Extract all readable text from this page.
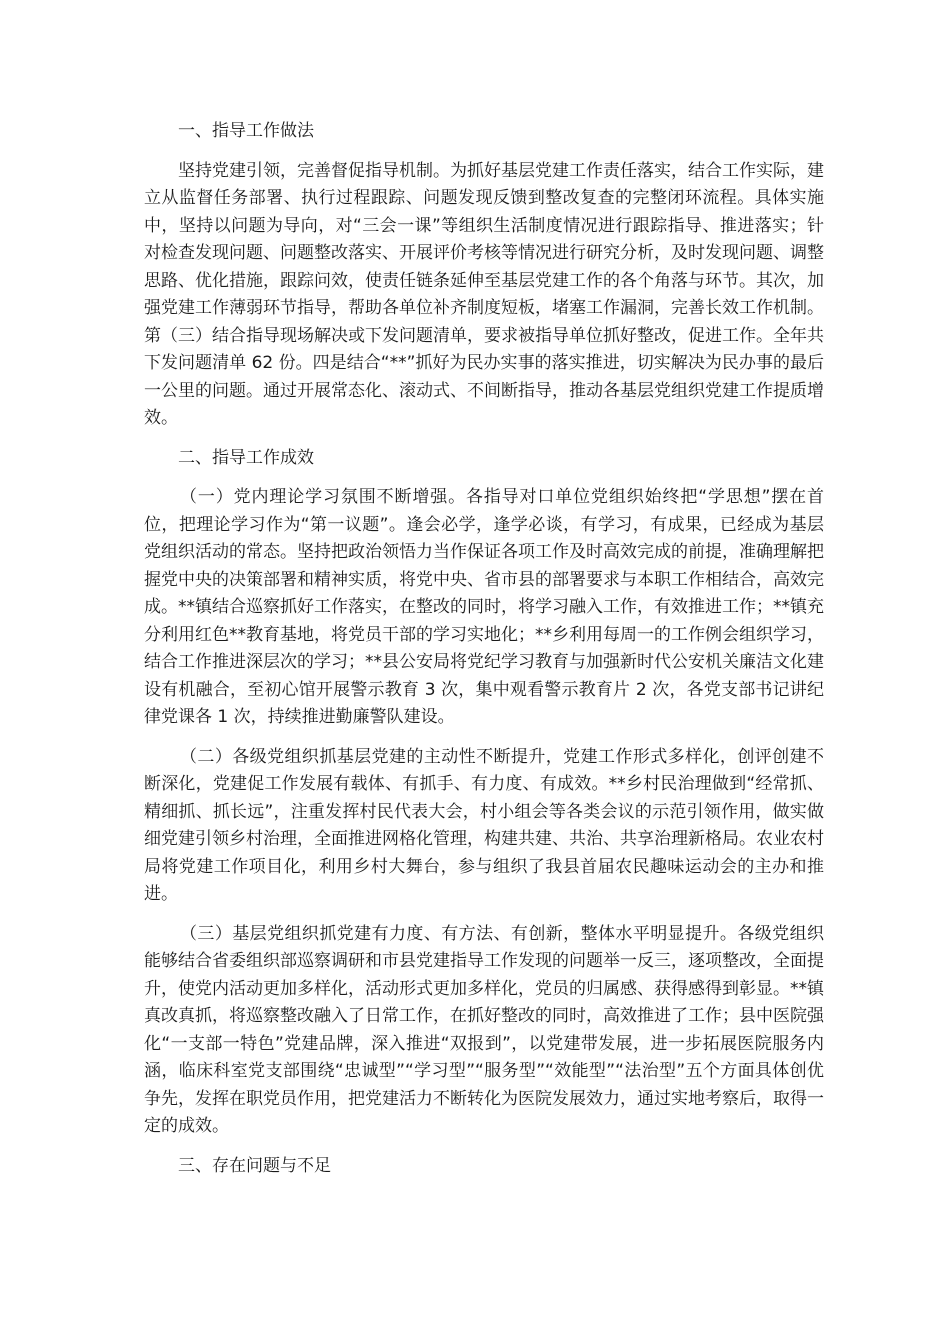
一、指导工作做法

坚持党建引领，完善督促指导机制。为抓好基层党建工作责任落实，结合工作实际，建立从监督任务部署、执行过程跟踪、问题发现反馈到整改复查的完整闭环流程。具体实施中，坚持以问题为导向，对“三会一课”等组织生活制度情况进行跟踪指导、推进落实；针对检查发现问题、问题整改落实、开展评价考核等情况进行研究分析，及时发现问题、调整思路、优化措施，跟踪问效，使责任链条延伸至基层党建工作的各个角落与环节。其次，加强党建工作薄弱环节指导，帮助各单位补齐制度短板，堵塞工作漏洞，完善长效工作机制。第（三）结合指导现场解决或下发问题清单，要求被指导单位抓好整改，促进工作。全年共下发问题清单 62 份。四是结合“**”抓好为民办实事的落实推进，切实解决为民办事的最后一公里的问题。通过开展常态化、滚动式、不间断指导，推动各基层党组织党建工作提质增效。

二、指导工作成效

（一）党内理论学习氛围不断增强。各指导对口单位党组织始终把“学思想”摆在首位，把理论学习作为“第一议题”。逢会必学，逢学必谈，有学习，有成果，已经成为基层党组织活动的常态。坚持把政治领悟力当作保证各项工作及时高效完成的前提，准确理解把握党中央的决策部署和精神实质，将党中央、省市县的部署要求与本职工作相结合，高效完成。**镇结合巡察抓好工作落实，在整改的同时，将学习融入工作，有效推进工作；**镇充分利用红色**教育基地，将党员干部的学习实地化；**乡利用每周一的工作例会组织学习，结合工作推进深层次的学习；**县公安局将党纪学习教育与加强新时代公安机关廉洁文化建设有机融合，至初心馆开展警示教育 3 次，集中观看警示教育片 2 次，各党支部书记讲纪律党课各 1 次，持续推进勤廉警队建设。

（二）各级党组织抓基层党建的主动性不断提升，党建工作形式多样化，创评创建不断深化，党建促工作发展有载体、有抓手、有力度、有成效。**乡村民治理做到“经常抓、精细抓、抓长远”，注重发挥村民代表大会，村小组会等各类会议的示范引领作用，做实做细党建引领乡村治理，全面推进网格化管理，构建共建、共治、共享治理新格局。农业农村局将党建工作项目化，利用乡村大舞台，参与组织了我县首届农民趣味运动会的主办和推进。

（三）基层党组织抓党建有力度、有方法、有创新，整体水平明显提升。各级党组织能够结合省委组织部巡察调研和市县党建指导工作发现的问题举一反三，逐项整改，全面提升，使党内活动更加多样化，活动形式更加多样化，党员的归属感、获得感得到彰显。**镇真改真抓，将巡察整改融入了日常工作，在抓好整改的同时，高效推进了工作；县中医院强化“一支部一特色”党建品牌，深入推进“双报到”，以党建带发展，进一步拓展医院服务内涵，临床科室党支部围绕“忠诚型”“学习型”“服务型”“效能型”“法治型”五个方面具体创优争先，发挥在职党员作用，把党建活力不断转化为医院发展效力，通过实地考察后，取得一定的成效。

三、存在问题与不足
